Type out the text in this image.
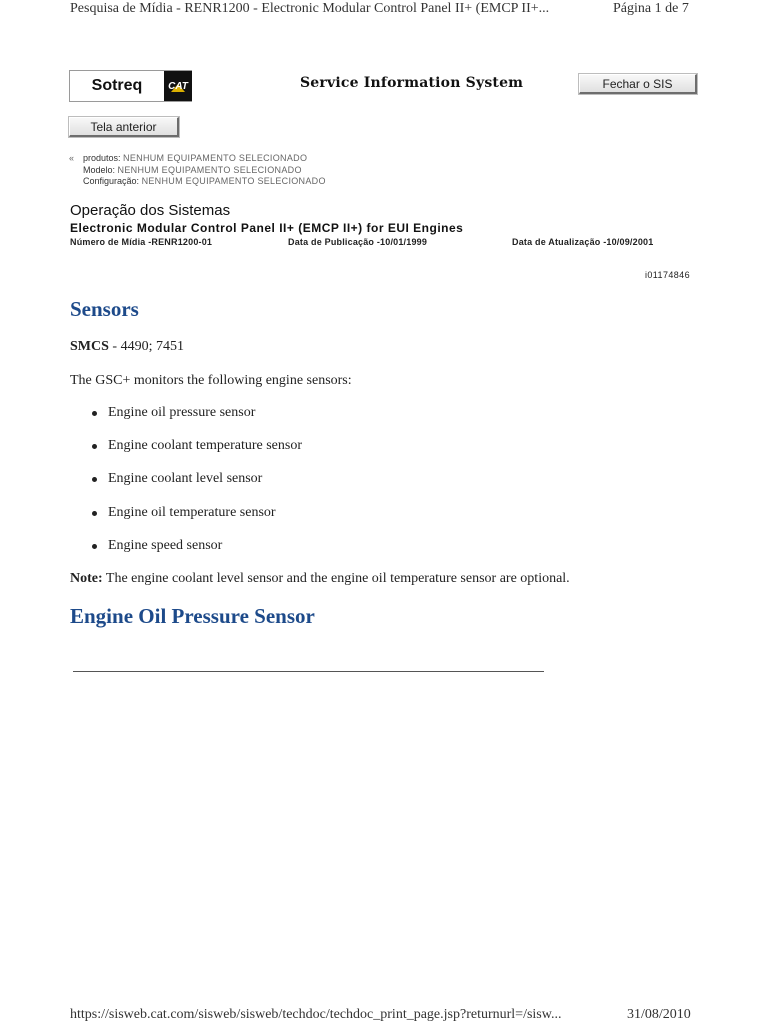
Pesquisa de Mídia - RENR1200 - Electronic Modular Control Panel II+ (EMCP II+...	Página 1 de 7
Sotreq	CAT	Service Information System	Fechar o SIS
Tela anterior
« produtos: NENHUM EQUIPAMENTO SELECIONADO
Modelo: NENHUM EQUIPAMENTO SELECIONADO
Configuração: NENHUM EQUIPAMENTO SELECIONADO
Operação dos Sistemas
Electronic Modular Control Panel II+ (EMCP II+) for EUI Engines
Número de Mídia -RENR1200-01	Data de Publicação -10/01/1999	Data de Atualização -10/09/2001
i01174846
Sensors
SMCS - 4490; 7451
The GSC+ monitors the following engine sensors:
Engine oil pressure sensor
Engine coolant temperature sensor
Engine coolant level sensor
Engine oil temperature sensor
Engine speed sensor
Note: The engine coolant level sensor and the engine oil temperature sensor are optional.
Engine Oil Pressure Sensor
https://sisweb.cat.com/sisweb/sisweb/techdoc/techdoc_print_page.jsp?returnurl=/sisw...	31/08/2010
